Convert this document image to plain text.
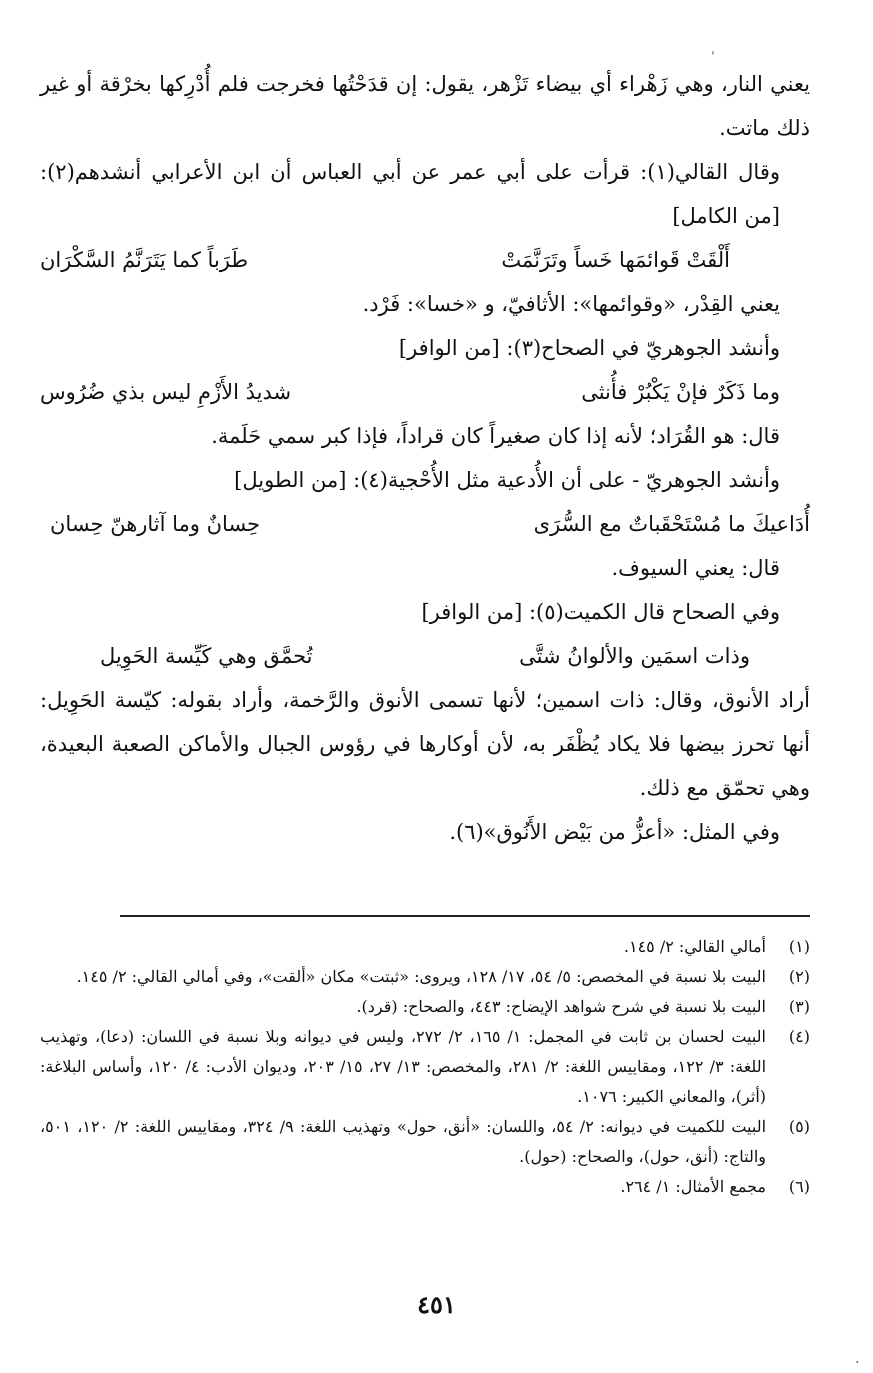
يعني النار، وهي زَهْراء أي بيضاء تَزْهر، يقول: إن قدَحْتُها فخرجت فلم أُدْرِكها بخرْقة أو غير ذلك ماتت.

وقال القالي(١): قرأت على أبي عمر عن أبي العباس أن ابن الأعرابي أنشدهم(٢): [من الكامل]

أَلْقَتْ قَوائمَها خَساً وتَرَنَّمَتْ
طَرَباً كما يَتَرَنَّمُ السَّكْرَان

يعني القِدْر، «وقوائمها»: الأثافيّ، و «خسا»: فَرْد.

وأنشد الجوهريّ في الصحاح(٣): [من الوافر]

وما ذَكَرٌ فإنْ يَكْبُرْ فأُنثى
شديدُ الأَزْمِ ليس بذي ضُرُوس

قال: هو القُرَاد؛ لأنه إذا كان صغيراً كان قراداً، فإذا كبر سمي حَلَمة.

وأنشد الجوهريّ - على أن الأُدعية مثل الأُحْجية(٤): [من الطويل]

أُدَاعيكَ ما مُسْتَحْقَباتٌ مع السُّرَى
حِسانٌ وما آثارهنّ حِسان

قال: يعني السيوف.

وفي الصحاح قال الكميت(٥): [من الوافر]

وذات اسمَين والألوانُ شتَّى
تُحمَّق وهي كَيِّسة الحَوِيل

أراد الأنوق، وقال: ذات اسمين؛ لأنها تسمى الأنوق والرَّخمة، وأراد بقوله: كيّسة الحَوِيل: أنها تحرز بيضها فلا يكاد يُظْفَر به، لأن أوكارها في رؤوس الجبال والأماكن الصعبة البعيدة، وهي تحمّق مع ذلك.

وفي المثل: «أعزُّ من بَيْض الأَنُوق»(٦).

(١)
أمالي القالي: ٢/ ١٤٥.
(٢)
البيت بلا نسبة في المخصص: ٥/ ٥٤، ١٧/ ١٢٨، ويروى: «ثبتت» مكان «ألقت»، وفي أمالي القالي: ٢/ ١٤٥.
(٣)
البيت بلا نسبة في شرح شواهد الإيضاح: ٤٤٣، والصحاح: (قرد).
(٤)
البيت لحسان بن ثابت في المجمل: ١/ ١٦٥، ٢/ ٢٧٢، وليس في ديوانه وبلا نسبة في اللسان: (دعا)، وتهذيب اللغة: ٣/ ١٢٢، ومقاييس اللغة: ٢/ ٢٨١، والمخصص: ١٣/ ٢٧، ١٥/ ٢٠٣، وديوان الأدب: ٤/ ١٢٠، وأساس البلاغة: (أثر)، والمعاني الكبير: ١٠٧٦.
(٥)
البيت للكميت في ديوانه: ٢/ ٥٤، واللسان: «أنق، حول» وتهذيب اللغة: ٩/ ٣٢٤، ومقاييس اللغة: ٢/ ١٢٠، ٥٠١، والتاج: (أنق، حول)، والصحاح: (حول).
(٦)
مجمع الأمثال: ١/ ٢٦٤.
٤٥١
ˈ
·
